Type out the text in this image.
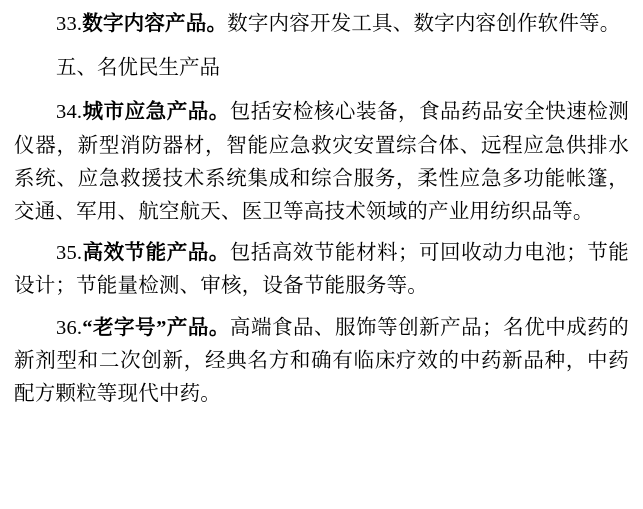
33.数字内容产品。数字内容开发工具、数字内容创作软件等。

五、名优民生产品

34.城市应急产品。包括安检核心装备，食品药品安全快速检测仪器，新型消防器材，智能应急救灾安置综合体、远程应急供排水系统、应急救援技术系统集成和综合服务，柔性应急多功能帐篷，交通、军用、航空航天、医卫等高技术领域的产业用纺织品等。

35.高效节能产品。包括高效节能材料；可回收动力电池；节能设计；节能量检测、审核，设备节能服务等。

36.“老字号”产品。高端食品、服饰等创新产品；名优中成药的新剂型和二次创新，经典名方和确有临床疗效的中药新品种，中药配方颗粒等现代中药。
